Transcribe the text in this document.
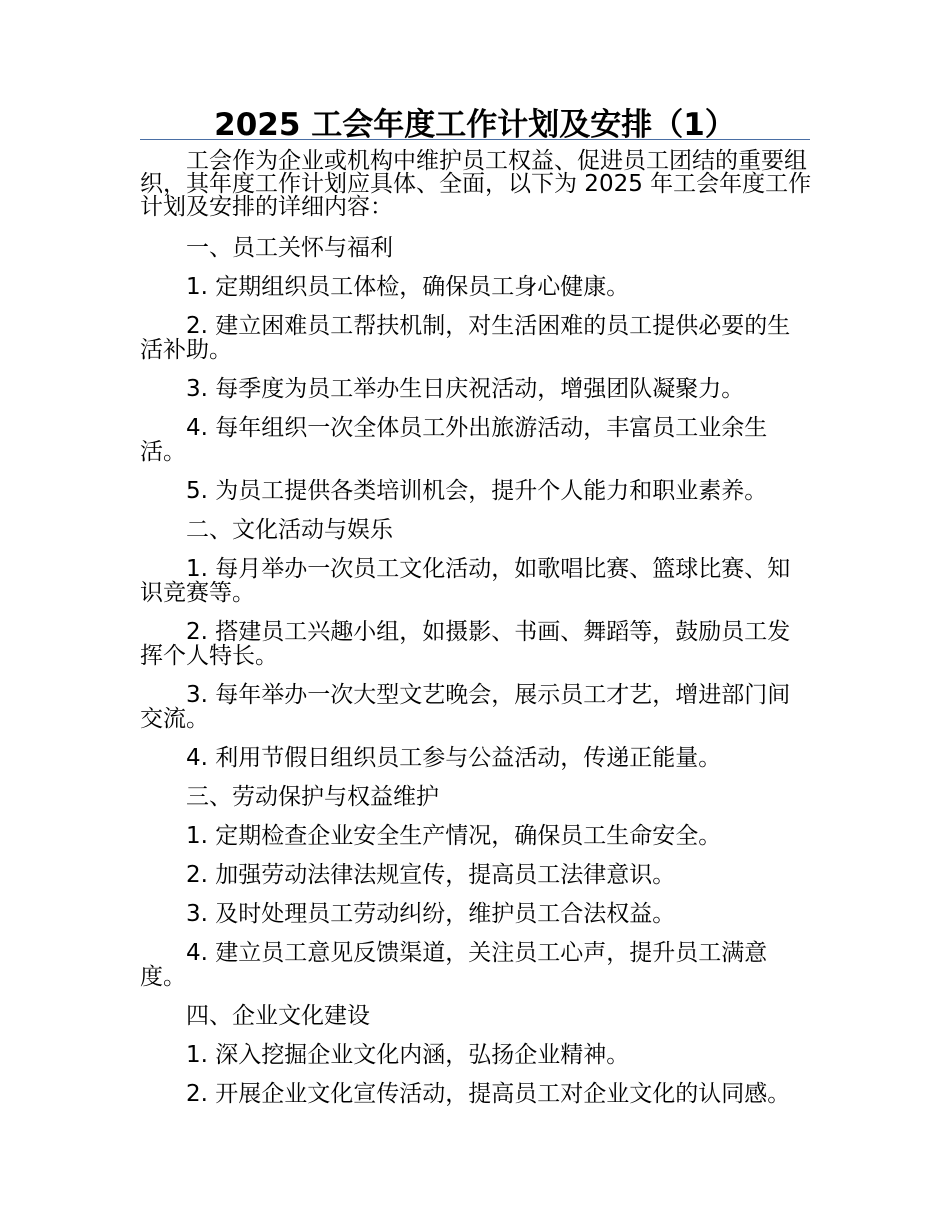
2025 工会年度工作计划及安排（1）

工会作为企业或机构中维护员工权益、促进员工团结的重要组织，其年度工作计划应具体、全面，以下为 2025 年工会年度工作计划及安排的详细内容：

一、员工关怀与福利

1. 定期组织员工体检，确保员工身心健康。

2. 建立困难员工帮扶机制，对生活困难的员工提供必要的生活补助。

3. 每季度为员工举办生日庆祝活动，增强团队凝聚力。

4. 每年组织一次全体员工外出旅游活动，丰富员工业余生活。

5. 为员工提供各类培训机会，提升个人能力和职业素养。

二、文化活动与娱乐

1. 每月举办一次员工文化活动，如歌唱比赛、篮球比赛、知识竞赛等。

2. 搭建员工兴趣小组，如摄影、书画、舞蹈等，鼓励员工发挥个人特长。

3. 每年举办一次大型文艺晚会，展示员工才艺，增进部门间交流。

4. 利用节假日组织员工参与公益活动，传递正能量。

三、劳动保护与权益维护

1. 定期检查企业安全生产情况，确保员工生命安全。

2. 加强劳动法律法规宣传，提高员工法律意识。

3. 及时处理员工劳动纠纷，维护员工合法权益。

4. 建立员工意见反馈渠道，关注员工心声，提升员工满意度。

四、企业文化建设

1. 深入挖掘企业文化内涵，弘扬企业精神。

2. 开展企业文化宣传活动，提高员工对企业文化的认同感。
